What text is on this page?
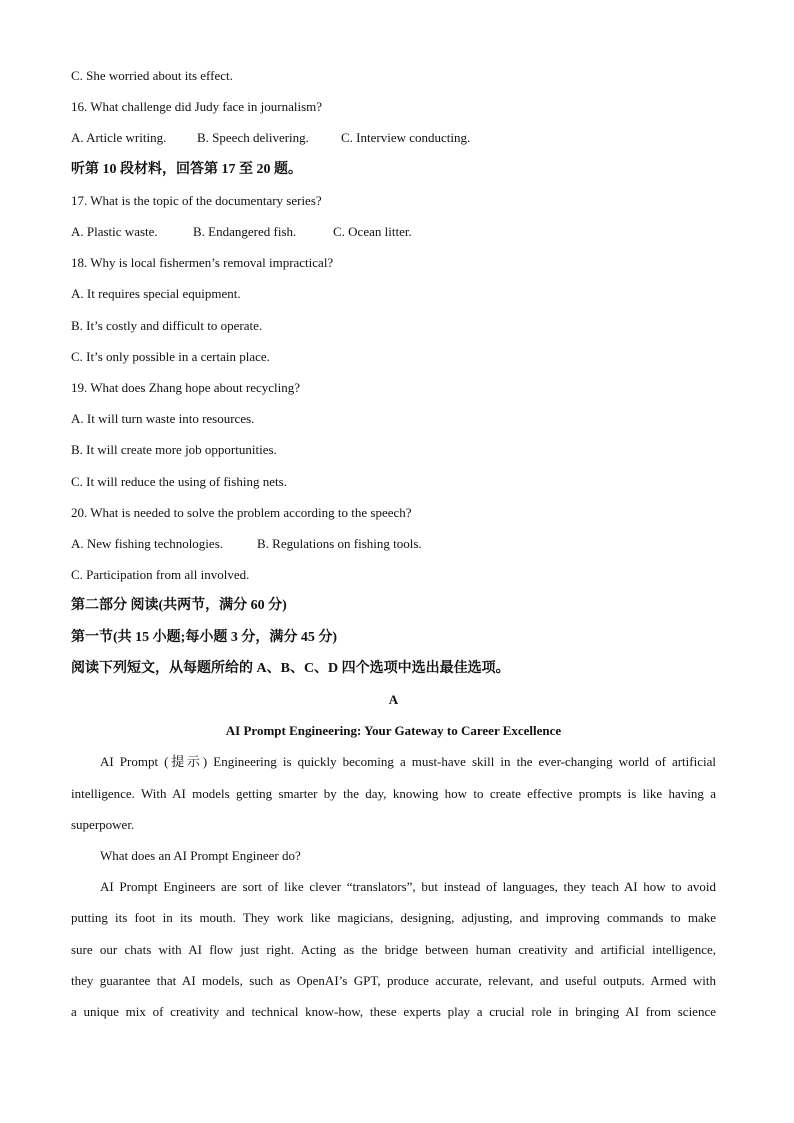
C. She worried about its effect.
16. What challenge did Judy face in journalism?
A. Article writing. B. Speech delivering. C. Interview conducting.
听第 10 段材料，回答第 17 至 20 题。
17. What is the topic of the documentary series?
A. Plastic waste.	B. Endangered fish.	C. Ocean litter.
18. Why is local fishermen’s removal impractical?
A. It requires special equipment.
B. It’s costly and difficult to operate.
C. It’s only possible in a certain place.
19. What does Zhang hope about recycling?
A. It will turn waste into resources.
B. It will create more job opportunities.
C. It will reduce the using of fishing nets.
20. What is needed to solve the problem according to the speech?
A. New fishing technologies.	B. Regulations on fishing tools.
C. Participation from all involved.
第二部分 阅读(共两节，满分 60 分)
第一节(共 15 小题;每小题 3 分，满分 45 分)
阅读下列短文，从每题所给的 A、B、C、D 四个选项中选出最佳选项。
A
AI Prompt Engineering: Your Gateway to Career Excellence
AI Prompt (提示) Engineering is quickly becoming a must-have skill in the ever-changing world of artificial
intelligence. With AI models getting smarter by the day, knowing how to create effective prompts is like having a
superpower.
What does an AI Prompt Engineer do?
AI Prompt Engineers are sort of like clever “translators”, but instead of languages, they teach AI how to avoid
putting its foot in its mouth. They work like magicians, designing, adjusting, and improving commands to make
sure our chats with AI flow just right. Acting as the bridge between human creativity and artificial intelligence,
they guarantee that AI models, such as OpenAI’s GPT, produce accurate, relevant, and useful outputs. Armed with
a unique mix of creativity and technical know-how, these experts play a crucial role in bringing AI from science
